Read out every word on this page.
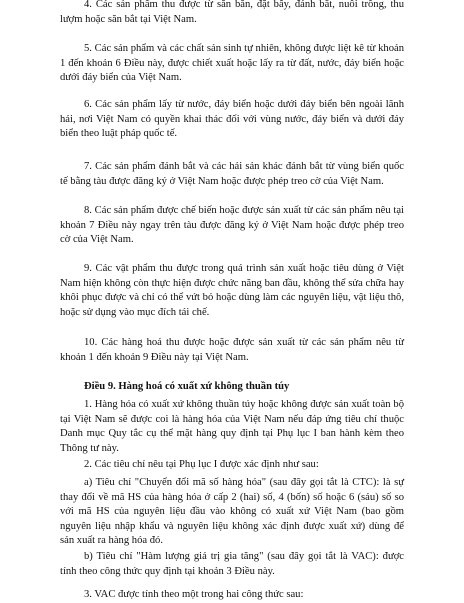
4. Các sản phẩm thu được từ săn bắn, đặt bẫy, đánh bắt, nuôi trồng, thu lượm hoặc săn bắt tại Việt Nam.

5. Các sản phẩm và các chất sản sinh tự nhiên, không được liệt kê từ khoản 1 đến khoản 6 Điều này, được chiết xuất hoặc lấy ra từ đất, nước, đáy biển hoặc dưới đáy biển của Việt Nam.

6. Các sản phẩm lấy từ nước, đáy biển hoặc dưới đáy biển bên ngoài lãnh hải, nơi Việt Nam có quyền khai thác đối với vùng nước, đáy biển và dưới đáy biển theo luật pháp quốc tế.

7. Các sản phẩm đánh bắt và các hải sản khác đánh bắt từ vùng biển quốc tế bằng tàu được đăng ký ở Việt Nam hoặc được phép treo cờ của Việt Nam.

8. Các sản phẩm được chế biến hoặc được sản xuất từ các sản phẩm nêu tại khoản 7 Điều này ngay trên tàu được đăng ký ở Việt Nam hoặc được phép treo cờ của Việt Nam.

9. Các vật phẩm thu được trong quá trình sản xuất hoặc tiêu dùng ở Việt Nam hiện không còn thực hiện được chức năng ban đầu, không thể sửa chữa hay khôi phục được và chỉ có thể vứt bỏ hoặc dùng làm các nguyên liệu, vật liệu thô, hoặc sử dụng vào mục đích tái chế.

10. Các hàng hoá thu được hoặc được sản xuất từ các sản phẩm nêu từ khoản 1 đến khoản 9 Điều này tại Việt Nam.

Điều 9. Hàng hoá có xuất xứ không thuần túy

1. Hàng hóa có xuất xứ không thuần túy hoặc không được sản xuất toàn bộ tại Việt Nam sẽ được coi là hàng hóa của Việt Nam nếu đáp ứng tiêu chí thuộc Danh mục Quy tắc cụ thể mặt hàng quy định tại Phụ lục I ban hành kèm theo Thông tư này.

2. Các tiêu chí nêu tại Phụ lục I được xác định như sau:

a) Tiêu chí "Chuyển đổi mã số hàng hóa" (sau đây gọi tắt là CTC): là sự thay đổi về mã HS của hàng hóa ở cấp 2 (hai) số, 4 (bốn) số hoặc 6 (sáu) số so với mã HS của nguyên liệu đầu vào không có xuất xứ Việt Nam (bao gồm nguyên liệu nhập khẩu và nguyên liệu không xác định được xuất xứ) dùng để sản xuất ra hàng hóa đó.

b) Tiêu chí "Hàm lượng giá trị gia tăng" (sau đây gọi tắt là VAC): được tính theo công thức quy định tại khoản 3 Điều này.

3. VAC được tính theo một trong hai công thức sau:
